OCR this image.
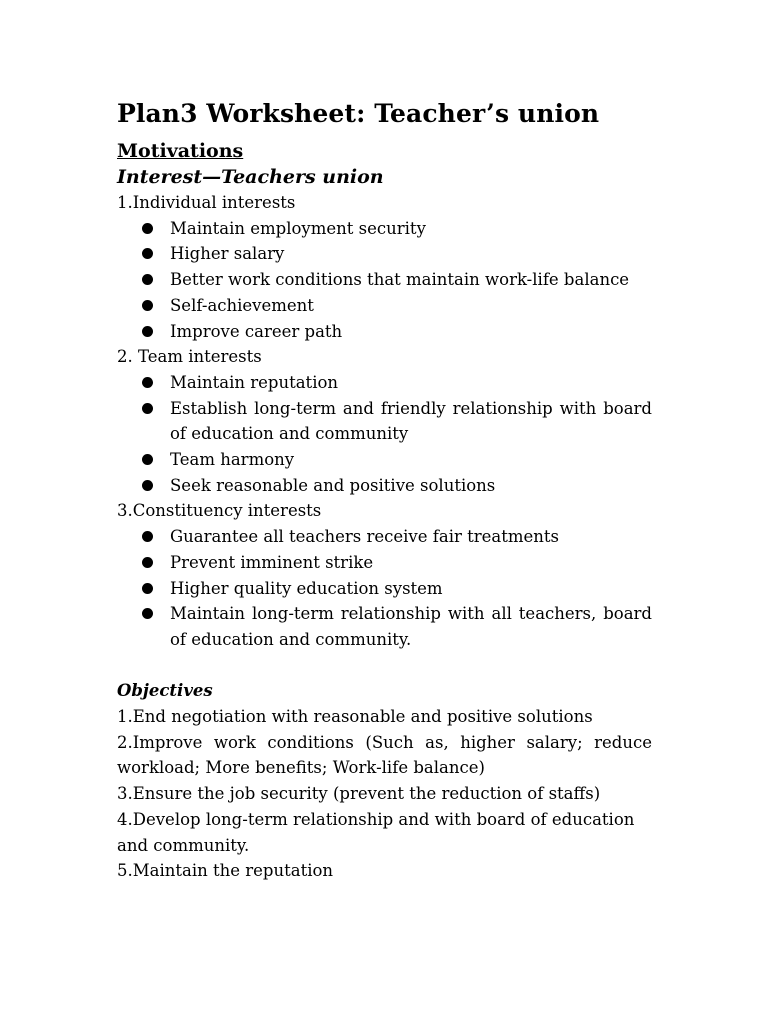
Plan3 Worksheet: Teacher’s union

Motivations

Interest—Teachers union

1.Individual interests

Maintain employment security
Higher salary
Better work conditions that maintain work-life balance
Self-achievement
Improve career path

2. Team interests

Maintain reputation
Establish long-term and friendly relationship with board of education and community
Team harmony
Seek reasonable and positive solutions

3.Constituency interests

Guarantee all teachers receive fair treatments
Prevent imminent strike
Higher quality education system
Maintain long-term relationship with all teachers, board of education and community.

Objectives

1.End negotiation with reasonable and positive solutions

2.Improve work conditions (Such as, higher salary; reduce workload; More benefits; Work-life balance)

3.Ensure the job security (prevent the reduction of staffs)

4.Develop long-term relationship and with board of education and community.

5.Maintain the reputation
